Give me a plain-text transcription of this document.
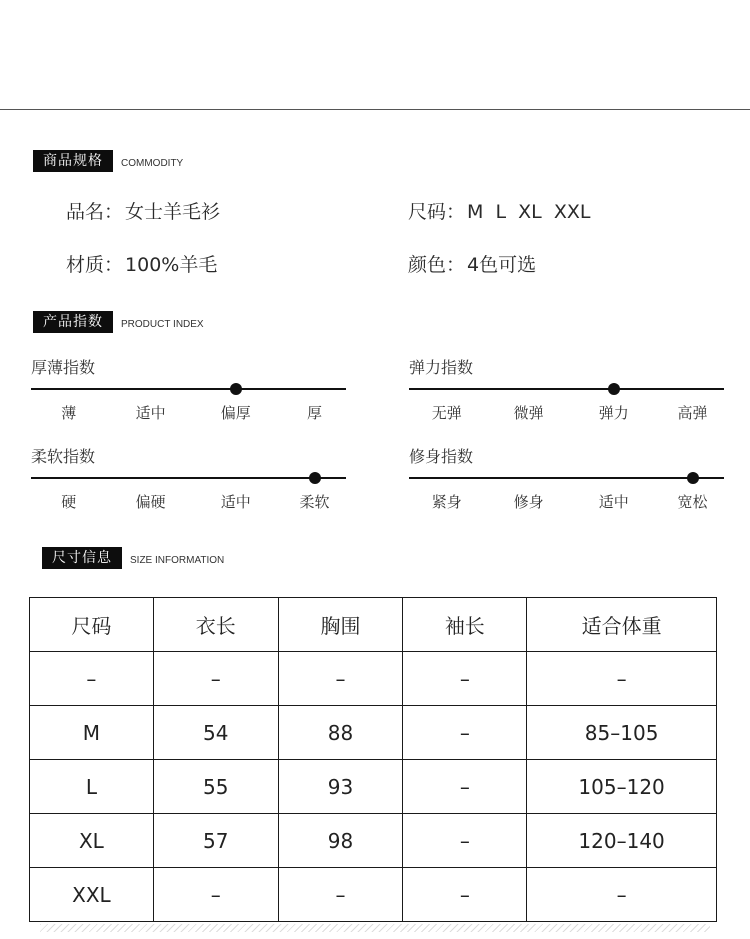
商品规格	COMMODITY
品名： 女士羊毛衫	尺码： M  L  XL  XXL
材质： 100%羊毛	颜色： 4色可选
产品指数	PRODUCT INDEX
厚薄指数
薄	适中	偏厚	厚
弹力指数
无弹	微弹	弹力	高弹
柔软指数
硬	偏硬	适中	柔软
修身指数
紧身	修身	适中	宽松
尺寸信息	SIZE INFORMATION
尺码	衣长	胸围	袖长	适合体重
–	–	–	–	–
M	54	88	–	85–105
L	55	93	–	105–120
XL	57	98	–	120–140
XXL	–	–	–	–
